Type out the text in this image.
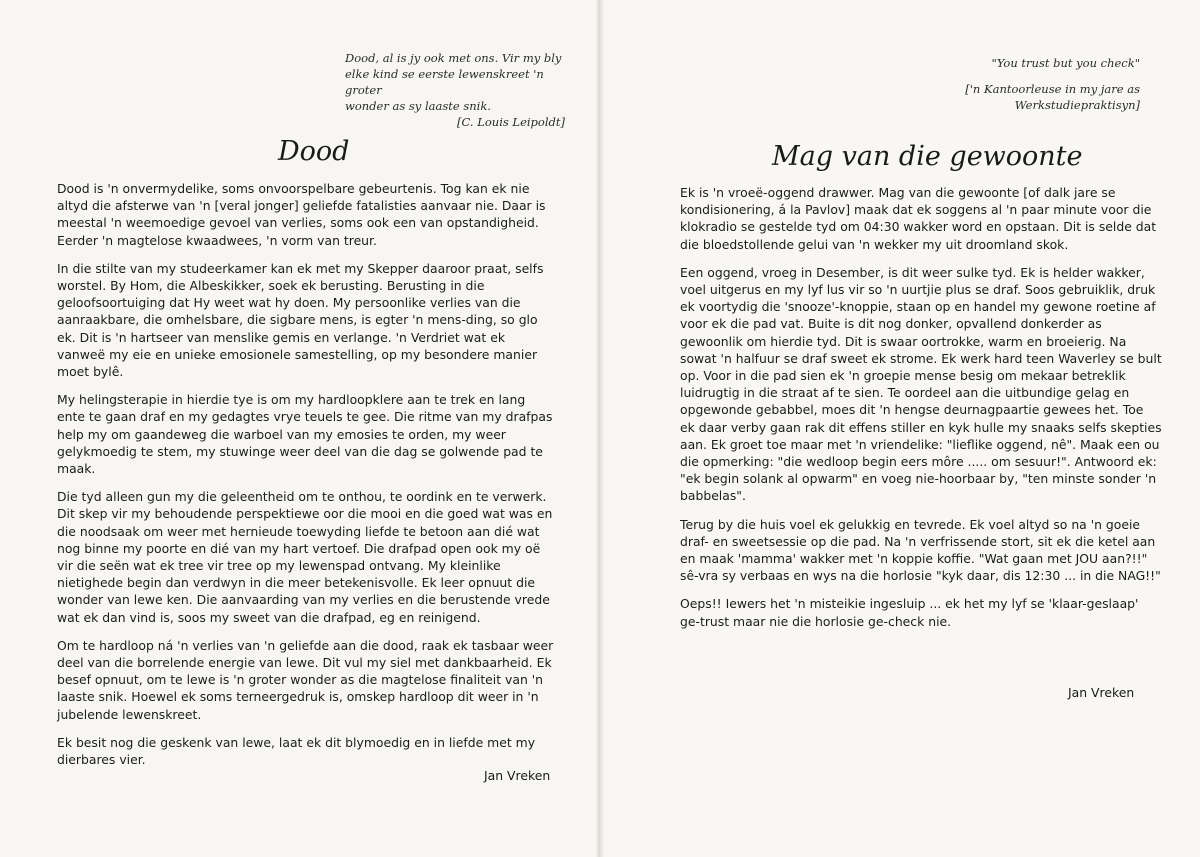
Dood, al is jy ook met ons. Vir my bly
elke kind se eerste lewenskreet 'n groter
wonder as sy laaste snik.

[C. Louis Leipoldt]
Dood

Dood is 'n onvermydelike, soms onvoorspelbare gebeurtenis. Tog kan ek nie altyd die afsterwe van 'n [veral jonger] geliefde fatalisties aanvaar nie. Daar is meestal 'n weemoedige gevoel van verlies, soms ook een van opstandigheid. Eerder 'n magtelose kwaadwees, 'n vorm van treur.

In die stilte van my studeerkamer kan ek met my Skepper daaroor praat, selfs worstel. By Hom, die Albeskikker, soek ek berusting. Berusting in die geloofsoortuiging dat Hy weet wat hy doen. My persoonlike verlies van die aanraakbare, die omhelsbare, die sigbare mens, is egter 'n mens-ding, so glo ek. Dit is 'n hartseer van menslike gemis en verlange. 'n Verdriet wat ek vanweë my eie en unieke emosionele samestelling, op my besondere manier moet bylê.

My helingsterapie in hierdie tye is om my hardloopklere aan te trek en lang ente te gaan draf en my gedagtes vrye teuels te gee. Die ritme van my drafpas help my om gaandeweg die warboel van my emosies te orden, my weer gelykmoedig te stem, my stuwinge weer deel van die dag se golwende pad te maak.

Die tyd alleen gun my die geleentheid om te onthou, te oordink en te verwerk. Dit skep vir my behoudende perspektiewe oor die mooi en die goed wat was en die noodsaak om weer met hernieude toewyding liefde te betoon aan dié wat nog binne my poorte en dié van my hart vertoef. Die drafpad open ook my oë vir die seën wat ek tree vir tree op my lewenspad ontvang. My kleinlike nietighede begin dan verdwyn in die meer betekenisvolle. Ek leer opnuut die wonder van lewe ken. Die aanvaarding van my verlies en die berustende vrede wat ek dan vind is, soos my sweet van die drafpad, eg en reinigend.

Om te hardloop ná 'n verlies van 'n geliefde aan die dood, raak ek tasbaar weer deel van die borrelende energie van lewe. Dit vul my siel met dankbaarheid. Ek besef opnuut, om te lewe is 'n groter wonder as die magtelose finaliteit van 'n laaste snik. Hoewel ek soms terneergedruk is, omskep hardloop dit weer in 'n jubelende lewenskreet.

Ek besit nog die geskenk van lewe, laat ek dit blymoedig en in liefde met my dierbares vier.

Jan Vreken
"You trust but you check"
['n Kantoorleuse in my jare as
Werkstudiepraktisyn]
Mag van die gewoonte

Ek is 'n vroeë-oggend drawwer. Mag van die gewoonte [of dalk jare se kondisionering, á la Pavlov] maak dat ek soggens al 'n paar minute voor die klokradio se gestelde tyd om 04:30 wakker word en opstaan. Dit is selde dat die bloedstollende gelui van 'n wekker my uit droomland skok.

Een oggend, vroeg in Desember, is dit weer sulke tyd. Ek is helder wakker, voel uitgerus en my lyf lus vir so 'n uurtjie plus se draf. Soos gebruiklik, druk ek voortydig die 'snooze'-knoppie, staan op en handel my gewone roetine af voor ek die pad vat. Buite is dit nog donker, opvallend donkerder as gewoonlik om hierdie tyd. Dit is swaar oortrokke, warm en broeierig. Na sowat 'n halfuur se draf sweet ek strome. Ek werk hard teen Waverley se bult op. Voor in die pad sien ek 'n groepie mense besig om mekaar betreklik luidrugtig in die straat af te sien. Te oordeel aan die uitbundige gelag en opgewonde gebabbel, moes dit 'n hengse deurnagpaartie gewees het. Toe ek daar verby gaan rak dit effens stiller en kyk hulle my snaaks selfs skepties aan. Ek groet toe maar met 'n vriendelike: "lieflike oggend, nê". Maak een ou die opmerking: "die wedloop begin eers môre ..... om sesuur!". Antwoord ek: "ek begin solank al opwarm" en voeg nie-hoorbaar by, "ten minste sonder 'n babbelas".

Terug by die huis voel ek gelukkig en tevrede. Ek voel altyd so na 'n goeie draf- en sweetsessie op die pad. Na 'n verfrissende stort, sit ek die ketel aan en maak 'mamma' wakker met 'n koppie koffie. "Wat gaan met JOU aan?!!" sê-vra sy verbaas en wys na die horlosie "kyk daar, dis 12:30 ... in die NAG!!"

Oeps!! Iewers het 'n misteikie ingesluip ... ek het my lyf se 'klaar-geslaap' ge-trust maar nie die horlosie ge-check nie.

Jan Vreken
